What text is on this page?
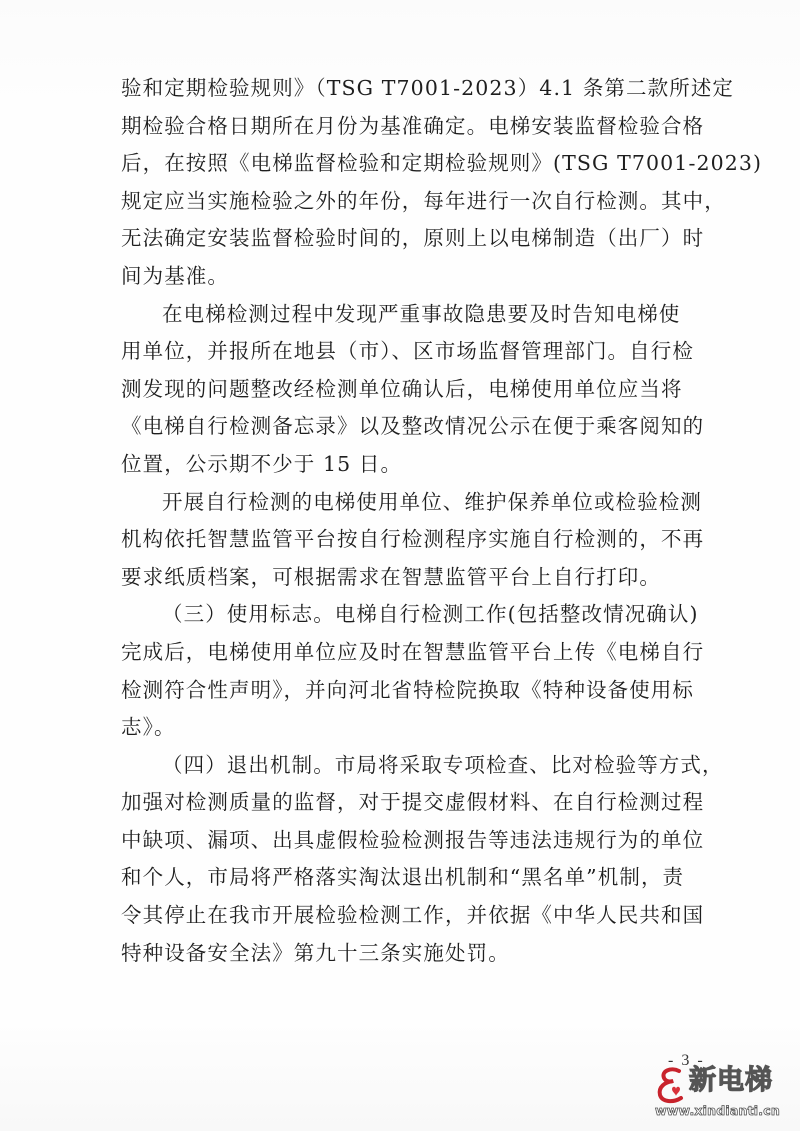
验和定期检验规则》（TSG T7001-2023）4.1 条第二款所述定
期检验合格日期所在月份为基准确定。电梯安装监督检验合格
后，在按照《电梯监督检验和定期检验规则》(TSG T7001-2023)
规定应当实施检验之外的年份，每年进行一次自行检测。其中，
无法确定安装监督检验时间的，原则上以电梯制造（出厂）时
间为基准。
在电梯检测过程中发现严重事故隐患要及时告知电梯使
用单位，并报所在地县（市）、区市场监督管理部门。自行检
测发现的问题整改经检测单位确认后，电梯使用单位应当将
《电梯自行检测备忘录》以及整改情况公示在便于乘客阅知的
位置，公示期不少于 15 日。
开展自行检测的电梯使用单位、维护保养单位或检验检测
机构依托智慧监管平台按自行检测程序实施自行检测的，不再
要求纸质档案，可根据需求在智慧监管平台上自行打印。
（三）使用标志。电梯自行检测工作(包括整改情况确认)
完成后，电梯使用单位应及时在智慧监管平台上传《电梯自行
检测符合性声明》，并向河北省特检院换取《特种设备使用标
志》。
（四）退出机制。市局将采取专项检查、比对检验等方式，
加强对检测质量的监督，对于提交虚假材料、在自行检测过程
中缺项、漏项、出具虚假检验检测报告等违法违规行为的单位
和个人，市局将严格落实淘汰退出机制和“黑名单”机制，责
令其停止在我市开展检验检测工作，并依据《中华人民共和国
特种设备安全法》第九十三条实施处罚。
- 3 -
新电梯
www.xindianti.cn
